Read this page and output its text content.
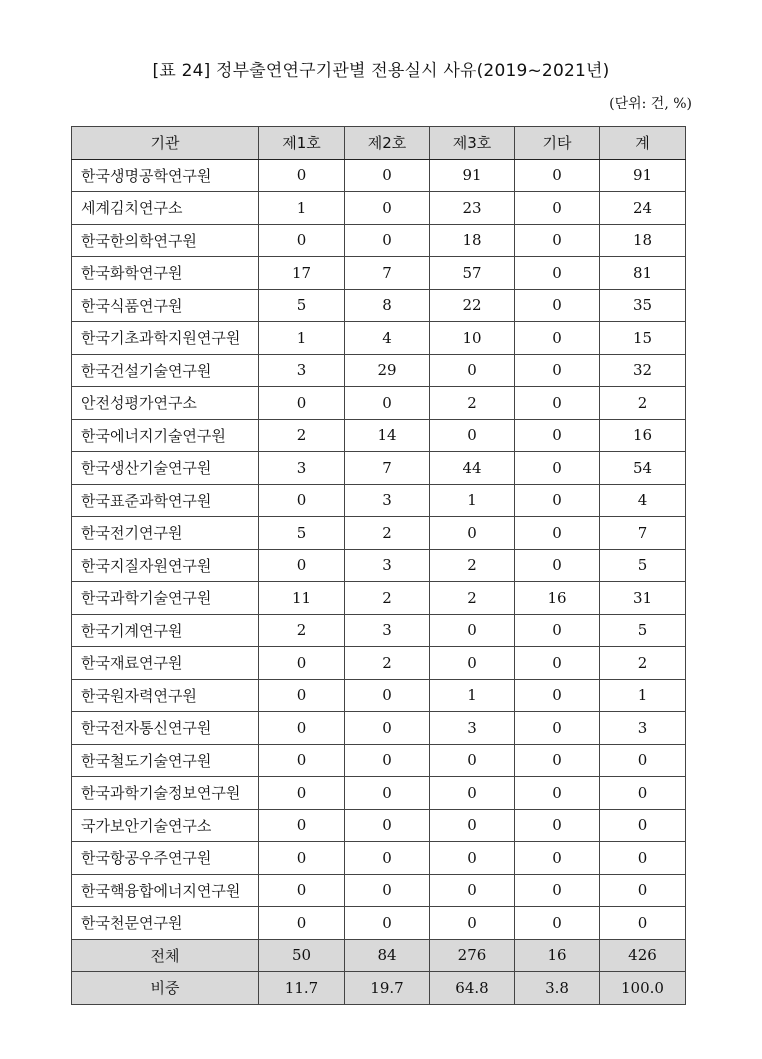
[표 24] 정부출연연구기관별 전용실시 사유(2019~2021년)
(단위: 건, %)
기관	제1호	제2호	제3호	기타	계
한국생명공학연구원	0	0	91	0	91
세계김치연구소	1	0	23	0	24
한국한의학연구원	0	0	18	0	18
한국화학연구원	17	7	57	0	81
한국식품연구원	5	8	22	0	35
한국기초과학지원연구원	1	4	10	0	15
한국건설기술연구원	3	29	0	0	32
안전성평가연구소	0	0	2	0	2
한국에너지기술연구원	2	14	0	0	16
한국생산기술연구원	3	7	44	0	54
한국표준과학연구원	0	3	1	0	4
한국전기연구원	5	2	0	0	7
한국지질자원연구원	0	3	2	0	5
한국과학기술연구원	11	2	2	16	31
한국기계연구원	2	3	0	0	5
한국재료연구원	0	2	0	0	2
한국원자력연구원	0	0	1	0	1
한국전자통신연구원	0	0	3	0	3
한국철도기술연구원	0	0	0	0	0
한국과학기술정보연구원	0	0	0	0	0
국가보안기술연구소	0	0	0	0	0
한국항공우주연구원	0	0	0	0	0
한국핵융합에너지연구원	0	0	0	0	0
한국천문연구원	0	0	0	0	0
전체	50	84	276	16	426
비중	11.7	19.7	64.8	3.8	100.0
